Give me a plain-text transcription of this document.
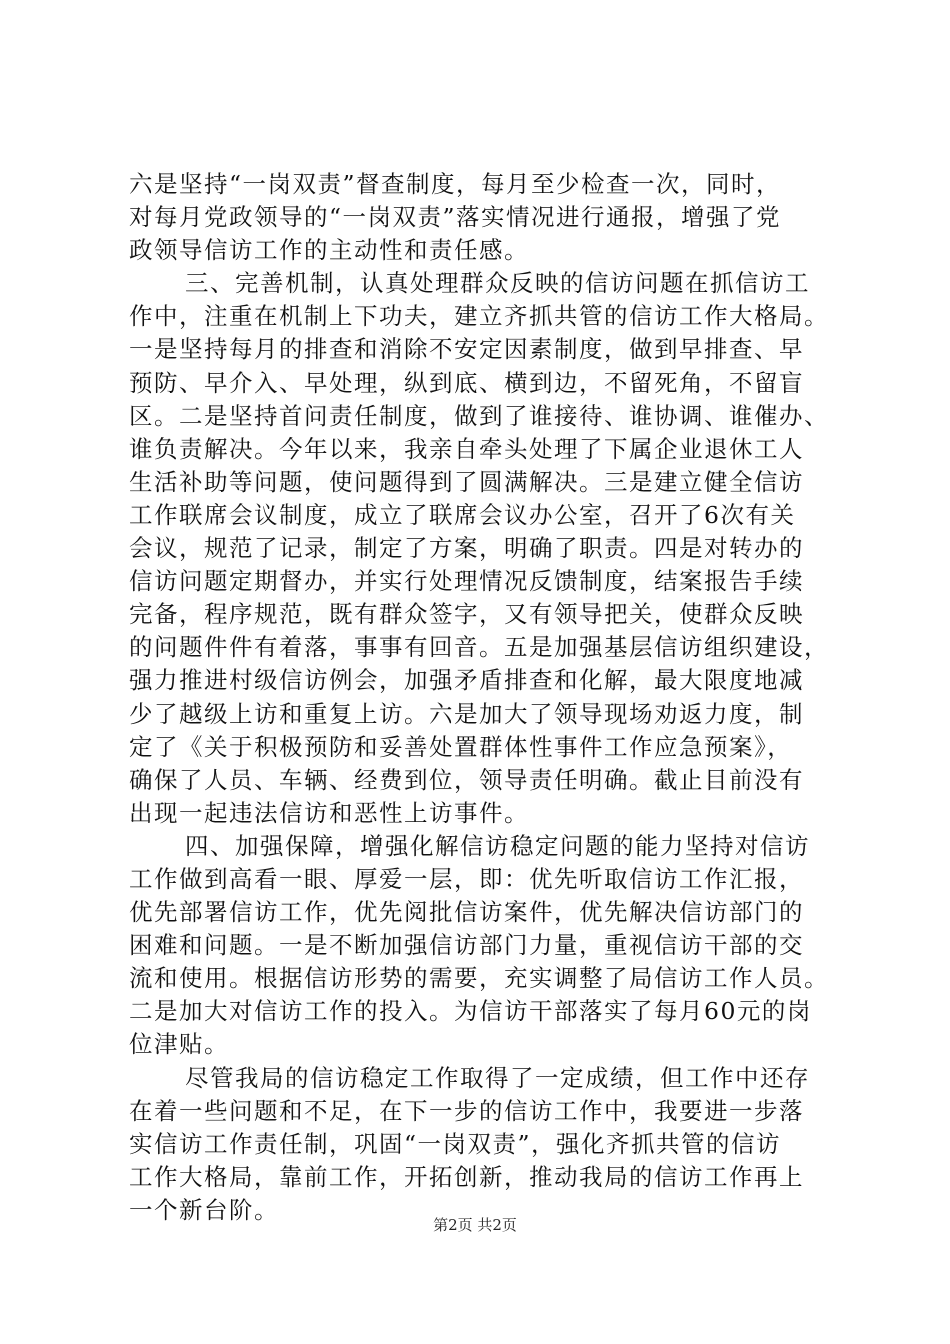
六是坚持“一岗双责”督查制度，每月至少检查一次，同时，
对每月党政领导的“一岗双责”落实情况进行通报，增强了党
政领导信访工作的主动性和责任感。
三、完善机制，认真处理群众反映的信访问题在抓信访工
作中，注重在机制上下功夫，建立齐抓共管的信访工作大格局。
一是坚持每月的排查和消除不安定因素制度，做到早排查、早
预防、早介入、早处理，纵到底、横到边，不留死角，不留盲
区。二是坚持首问责任制度，做到了谁接待、谁协调、谁催办、
谁负责解决。今年以来，我亲自牵头处理了下属企业退休工人
生活补助等问题，使问题得到了圆满解决。三是建立健全信访
工作联席会议制度，成立了联席会议办公室，召开了6次有关
会议，规范了记录，制定了方案，明确了职责。四是对转办的
信访问题定期督办，并实行处理情况反馈制度，结案报告手续
完备，程序规范，既有群众签字，又有领导把关，使群众反映
的问题件件有着落，事事有回音。五是加强基层信访组织建设，
强力推进村级信访例会，加强矛盾排查和化解，最大限度地减
少了越级上访和重复上访。六是加大了领导现场劝返力度，制
定了《关于积极预防和妥善处置群体性事件工作应急预案》，
确保了人员、车辆、经费到位，领导责任明确。截止目前没有
出现一起违法信访和恶性上访事件。
四、加强保障，增强化解信访稳定问题的能力坚持对信访
工作做到高看一眼、厚爱一层，即：优先听取信访工作汇报，
优先部署信访工作，优先阅批信访案件，优先解决信访部门的
困难和问题。一是不断加强信访部门力量，重视信访干部的交
流和使用。根据信访形势的需要，充实调整了局信访工作人员。
二是加大对信访工作的投入。为信访干部落实了每月60元的岗
位津贴。
尽管我局的信访稳定工作取得了一定成绩，但工作中还存
在着一些问题和不足，在下一步的信访工作中，我要进一步落
实信访工作责任制，巩固“一岗双责”，强化齐抓共管的信访
工作大格局，靠前工作，开拓创新，推动我局的信访工作再上
一个新台阶。
第2页 共2页
